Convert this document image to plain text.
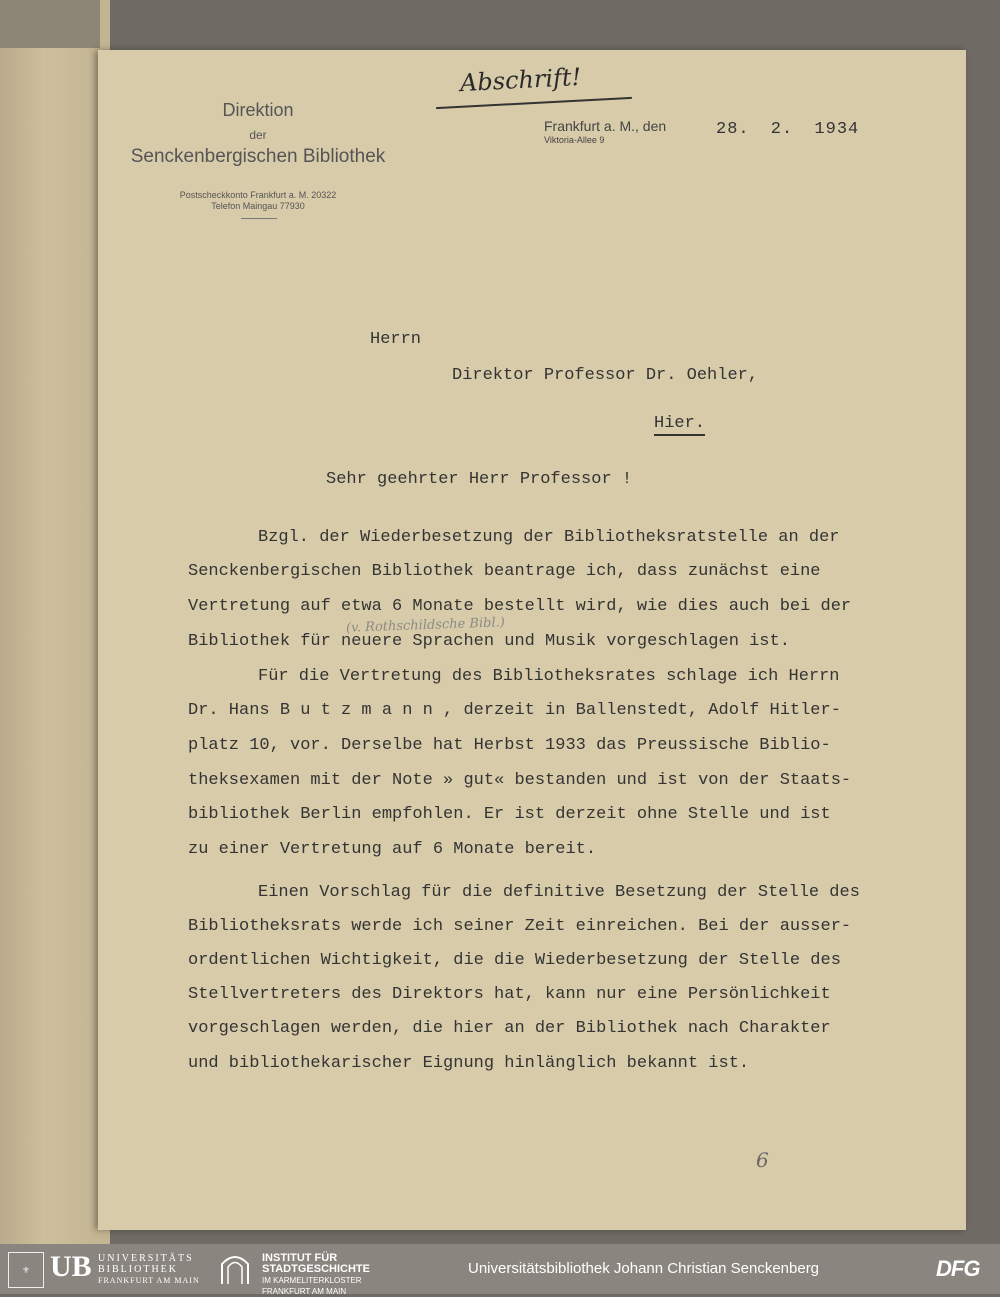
Abschrift!
Direktion
der
Senckenbergischen Bibliothek
Postscheckkonto Frankfurt a. M. 20322
Telefon Maingau 77930
Frankfurt a. M., den
Viktoria-Allee 9
28. 2. 1934
Herrn
Direktor Professor Dr. Oehler,
Hier.
Sehr geehrter Herr Professor !
Bzgl. der Wiederbesetzung der Bibliotheksratstelle an der
Senckenbergischen Bibliothek beantrage ich, dass zunächst eine
Vertretung auf etwa 6 Monate bestellt wird, wie dies auch bei der
Bibliothek für neuere Sprachen und Musik vorgeschlagen ist.
(v. Rothschildsche Bibl.)
Für die Vertretung des Bibliotheksrates schlage ich Herrn
Dr. Hans B u t z m a n n , derzeit in Ballenstedt, Adolf Hitler-
platz 10, vor. Derselbe hat Herbst 1933 das Preussische Biblio-
theksexamen mit der Note » gut« bestanden und ist von der Staats-
bibliothek Berlin empfohlen. Er ist derzeit ohne Stelle und ist
zu einer Vertretung auf 6 Monate bereit.
Einen Vorschlag für die definitive Besetzung der Stelle des
Bibliotheksrats werde ich seiner Zeit einreichen. Bei der ausser-
ordentlichen Wichtigkeit, die die Wiederbesetzung der Stelle des
Stellvertreters des Direktors hat, kann nur eine Persönlichkeit
vorgeschlagen werden, die hier an der Bibliothek nach Charakter
und bibliothekarischer Eignung hinlänglich bekannt ist.
6
⚜ UB UNIVERSITÄTS
BIBLIOTHEK
FRANKFURT AM MAIN
INSTITUT FÜR
STADTGESCHICHTE
IM KARMELITERKLOSTER
FRANKFURT AM MAIN
Universitätsbibliothek Johann Christian Senckenberg	DFG
